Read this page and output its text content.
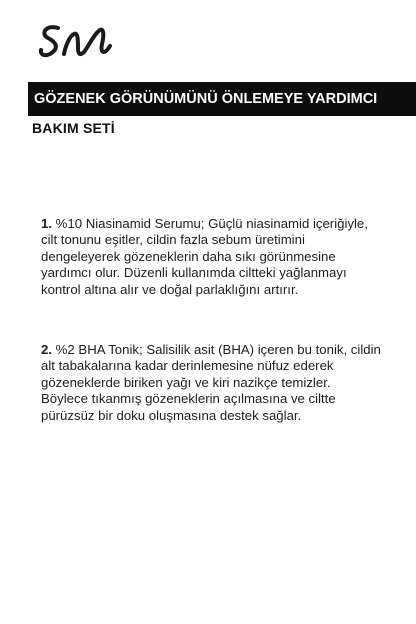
GÖZENEK GÖRÜNÜMÜNÜ ÖNLEMEYE YARDIMCI
BAKIM SETİ
1. %10 Niasinamid Serumu; Güçlü niasinamid içeriğiyle, cilt tonunu eşitler, cildin fazla sebum üretimini dengeleyerek gözeneklerin daha sıkı görünmesine yardımcı olur. Düzenli kullanımda ciltteki yağlanmayı kontrol altına alır ve doğal parlaklığını artırır.
2. %2 BHA Tonik; Salisilik asit (BHA) içeren bu tonik, cildin alt tabakalarına kadar derinlemesine nüfuz ederek gözeneklerde biriken yağı ve kiri nazikçe temizler. Böylece tıkanmış gözeneklerin açılmasına ve ciltte pürüzsüz bir doku oluşmasına destek sağlar.
